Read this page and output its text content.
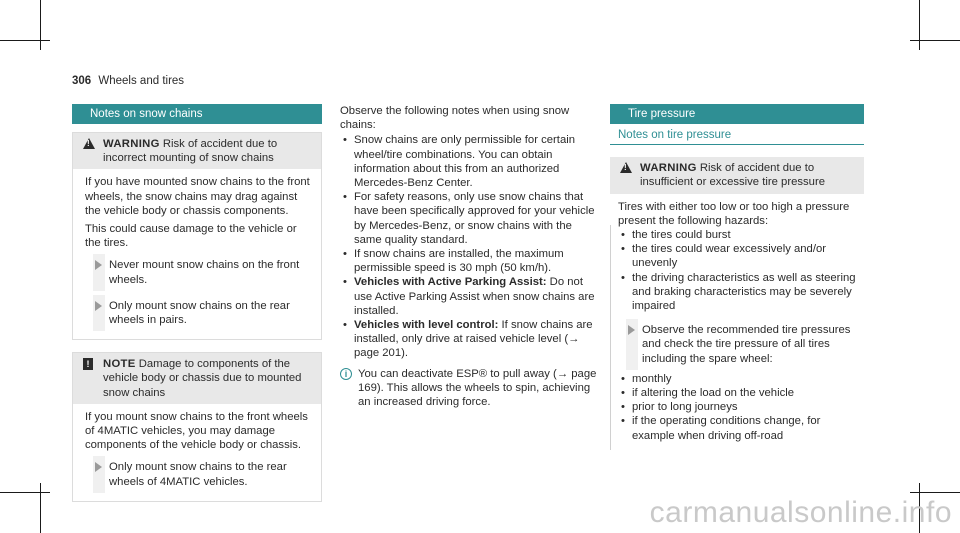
306 Wheels and tires
Notes on snow chains
!
WARNING Risk of accident due to incorrect mounting of snow chains

If you have mounted snow chains to the front wheels, the snow chains may drag against the vehicle body or chassis components.

This could cause damage to the vehicle or the tires.

Never mount snow chains on the front wheels.
Only mount snow chains on the rear wheels in pairs.
!	NOTE Damage to components of the vehicle body or chassis due to mounted snow chains

If you mount snow chains to the front wheels of 4MATIC vehicles, you may damage components of the vehicle body or chassis.

Only mount snow chains to the rear wheels of 4MATIC vehicles.

Observe the following notes when using snow chains:

• Snow chains are only permissible for certain wheel/tire combinations. You can obtain information about this from an authorized Mercedes-Benz Center.
• For safety reasons, only use snow chains that have been specifically approved for your vehicle by Mercedes-Benz, or snow chains with the same quality standard.
• If snow chains are installed, the maximum permissible speed is 30 mph (50 km/h).
• Vehicles with Active Parking Assist: Do not use Active Parking Assist when snow chains are installed.
• Vehicles with level control: If snow chains are installed, only drive at raised vehicle level (→ page 201).
i You can deactivate ESP® to pull away (→ page 169). This allows the wheels to spin, achieving an increased driving force.
Tire pressure
Notes on tire pressure
!
WARNING Risk of accident due to insufficient or excessive tire pressure

Tires with either too low or too high a pressure present the following hazards:

• the tires could burst
• the tires could wear excessively and/or unevenly
• the driving characteristics as well as steering and braking characteristics may be severely impaired
Observe the recommended tire pressures and check the tire pressure of all tires including the spare wheel:
• monthly
• if altering the load on the vehicle
• prior to long journeys
• if the operating conditions change, for example when driving off-road
carmanualsonline.info
